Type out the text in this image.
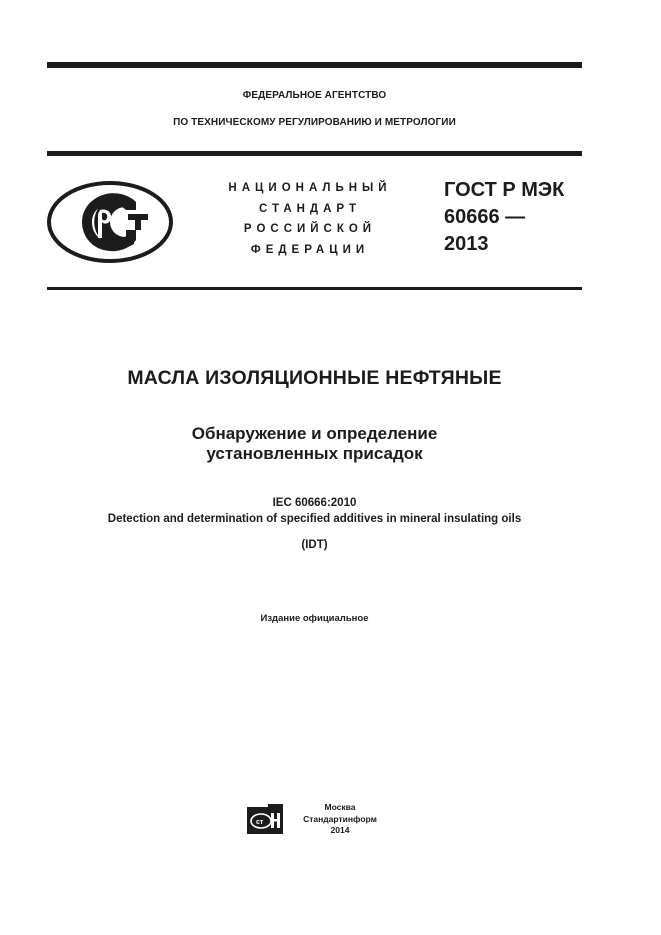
ФЕДЕРАЛЬНОЕ АГЕНТСТВО
ПО ТЕХНИЧЕСКОМУ РЕГУЛИРОВАНИЮ И МЕТРОЛОГИИ
НАЦИОНАЛЬНЫЙ
СТАНДАРТ
РОССИЙСКОЙ
ФЕДЕРАЦИИ
ГОСТ Р МЭК
60666 —
2013
МАСЛА ИЗОЛЯЦИОННЫЕ НЕФТЯНЫЕ
Обнаружение и определение
установленных присадок
IEC 60666:2010
Detection and determination of specified additives in mineral insulating oils
(IDT)
Издание официальное
ст
Москва
Стандартинформ
2014
